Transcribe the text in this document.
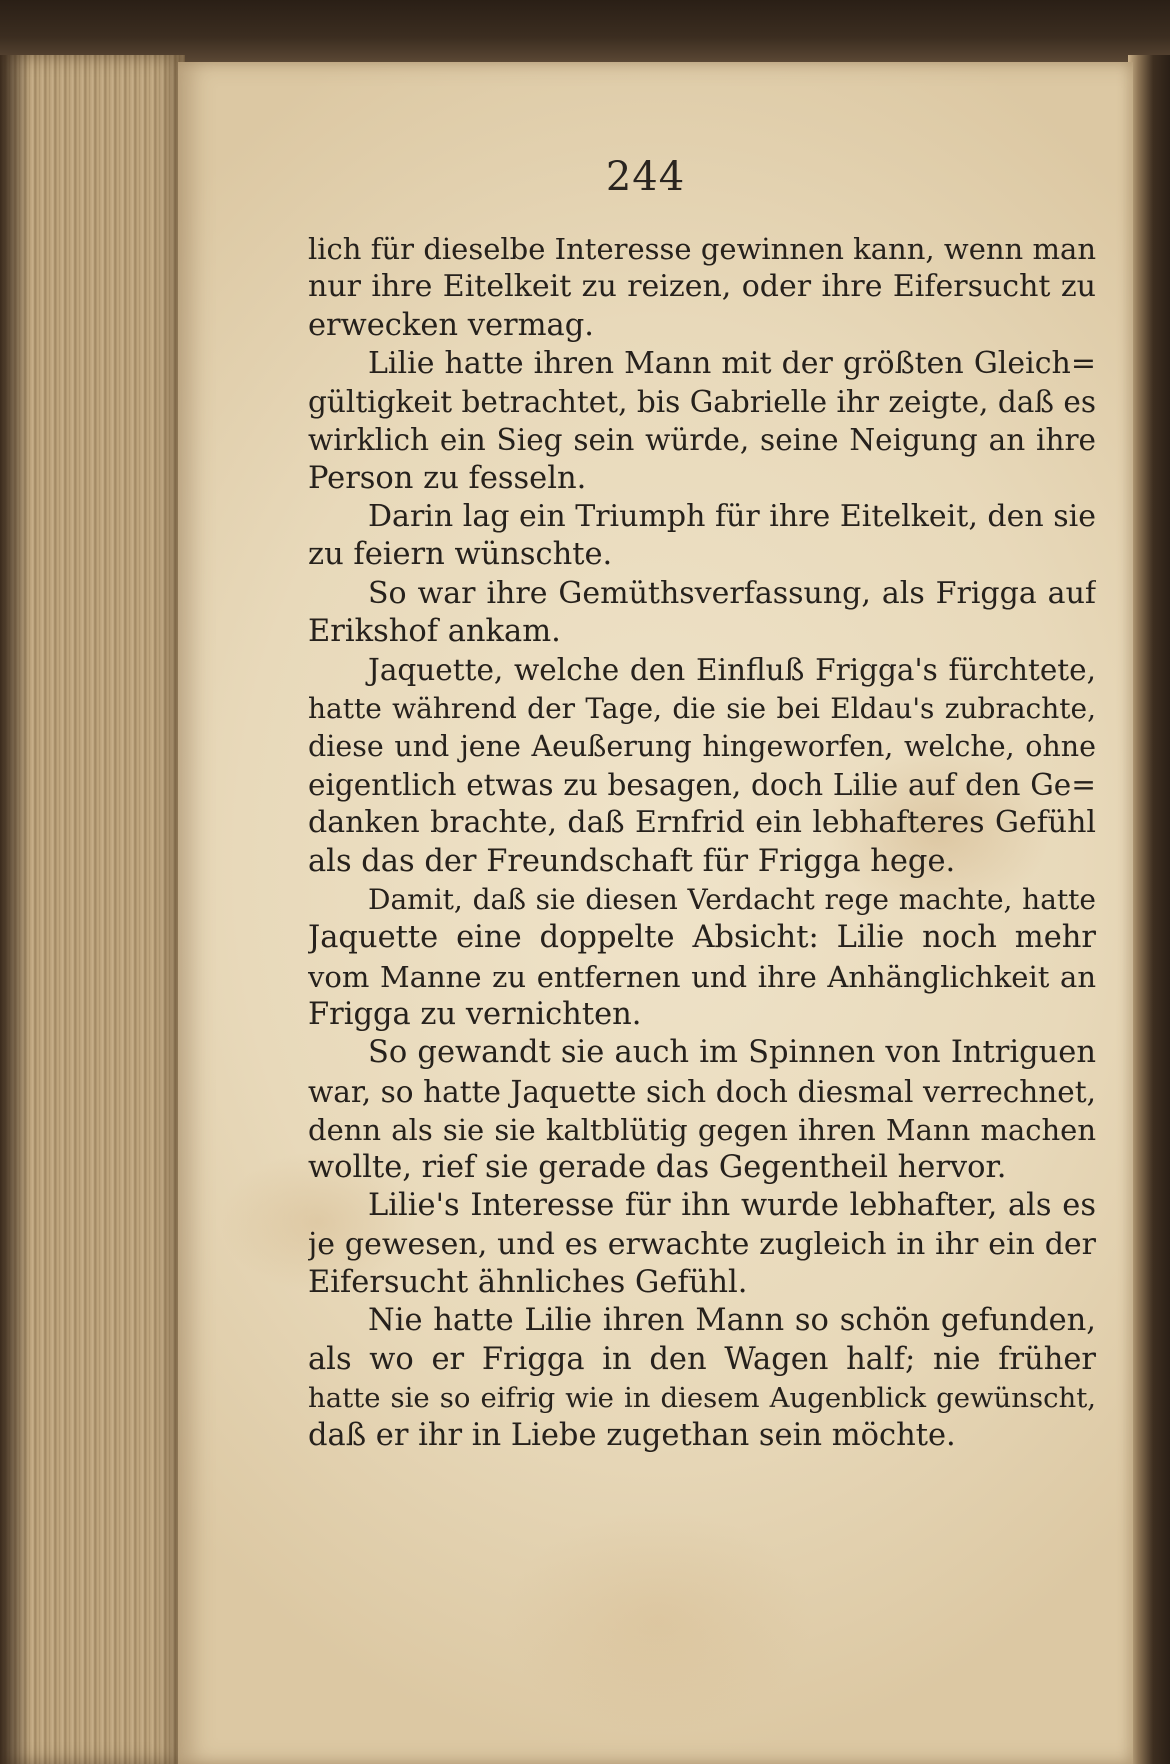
244
lich für dieselbe Interesse gewinnen kann, wenn man
nur ihre Eitelkeit zu reizen, oder ihre Eifersucht zu
erwecken vermag.
Lilie hatte ihren Mann mit der größten Gleich=
gültigkeit betrachtet, bis Gabrielle ihr zeigte, daß es
wirklich ein Sieg sein würde, seine Neigung an ihre
Person zu fesseln.
Darin lag ein Triumph für ihre Eitelkeit, den sie
zu feiern wünschte.
So war ihre Gemüthsverfassung, als Frigga auf
Erikshof ankam.
Jaquette, welche den Einfluß Frigga's fürchtete,
hatte während der Tage, die sie bei Eldau's zubrachte,
diese und jene Aeußerung hingeworfen, welche, ohne
eigentlich etwas zu besagen, doch Lilie auf den Ge=
danken brachte, daß Ernfrid ein lebhafteres Gefühl
als das der Freundschaft für Frigga hege.
Damit, daß sie diesen Verdacht rege machte, hatte
Jaquette eine doppelte Absicht: Lilie noch mehr
vom Manne zu entfernen und ihre Anhänglichkeit an
Frigga zu vernichten.
So gewandt sie auch im Spinnen von Intriguen
war, so hatte Jaquette sich doch diesmal verrechnet,
denn als sie sie kaltblütig gegen ihren Mann machen
wollte, rief sie gerade das Gegentheil hervor.
Lilie's Interesse für ihn wurde lebhafter, als es
je gewesen, und es erwachte zugleich in ihr ein der
Eifersucht ähnliches Gefühl.
Nie hatte Lilie ihren Mann so schön gefunden,
als wo er Frigga in den Wagen half; nie früher
hatte sie so eifrig wie in diesem Augenblick gewünscht,
daß er ihr in Liebe zugethan sein möchte.
